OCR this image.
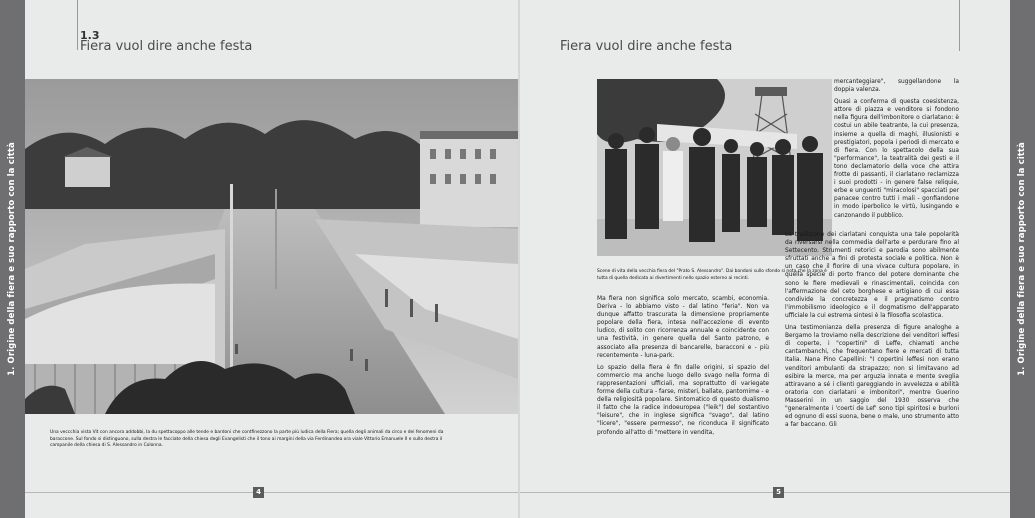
1. Origine della fiera e suo rapporto con la città	1. Origine della fiera e suo rapporto con la città
1.3
Fiera vuol dire anche festa
Una veccchia vista Vit con ancora addobbi, la du spettacoppo alle tende e bardoni che contfinezzono la parte più ludica della Fiera; quella degli animali da circo e dei fenomeni da baraccone. Sul fondo si distinguono, sulla destra le facciate della chiesa degli Evangelisti che il tono ai margini della via Ferdinandea ora viale Vittorio Emanuele II e sullo destra il campanile della chiesa di S. Alessandro in Colonna.
Fiera vuol dire anche festa
Scene di vita della vecchia fiera del "Prato S. Alessandro". Dai bandoni sullo sfondo si nota che la zona è tutta di quella dedicata ai divertimenti nello spazio esterno ai recinti.

Ma fiera non significa solo mercato, scambi, economia. Deriva - lo abbiamo visto - dal latino "feria". Non va dunque affatto trascurata la dimensione propriamente popolare della fiera, intesa nell'accezione di evento ludico, di solito con ricorrenza annuale e coincidente con una festività, in genere quella del Santo patrono, e associato alla presenza di bancarelle, baracconi e - più recentemente - luna-park.

Lo spazio della fiera è fin dalle origini, si spazio del commercio ma anche luogo dello svago nella forma di rappresentazioni ufficiali, ma soprattutto di variegate forme della cultura - farse, misteri, ballate, pantomime - e della religiosità popolare. Sintomatico di questo dualismo il fatto che la radice indoeuropea ("leik") del sostantivo "leisure", che in inglese significa "svago", dal latino "licere", "essere permesso", ne riconduca il significato profondo all'atto di "mettere in vendita,

mercanteggiare", suggellandone la doppia valenza.

Quasi a conferma di questa coesistenza, attore di piazza e venditore si fondono nella figura dell'imbonitore o ciarlatano: è costui un abile teatrante, la cui presenza, insieme a quella di maghi, illusionisti e prestigiatori, popola i periodi di mercato e di fiera. Con lo spettacolo della sua "performance", la teatralità dei gesti e il tono declamatorio della voce che attira frotte di passanti, il ciarlatano reclamizza i suoi prodotti - in genere false reliquie, erbe e unguenti "miracolosi" spacciati per panacee contro tutti i mali - gonfiandone in modo iperbolico le virtù, lusingando e canzonando il pubblico.

La tradizione dei ciarlatani conquista una tale popolarità da riversarsi nella commedia dell'arte e perdurare fino al Settecento. Strumenti retorici e parodia sono abilmente sfruttati anche a fini di protesta sociale e politica. Non è un caso che il fiorire di una vivace cultura popolare, in quella specie di porto franco del potere dominante che sono le fiere medievali e rinascimentali, coincida con l'affermazione del ceto borghese e artigiano di cui essa condivide la concretezza e il pragmatismo contro l'immobilismo ideologico e il dogmatismo dell'apparato ufficiale la cui estrema sintesi è la filosofia scolastica.

Una testimonianza della presenza di figure analoghe a Bergamo la troviamo nella descrizione dei venditori ieffesi di coperte, i "copertini" di Leffe, chiamati anche cantambanchi, che frequentano fiere e mercati di tutta Italia. Nana Pino Capellini: "I copertini leffesi non erano venditori ambulanti da strapazzo; non si limitavano ad esibire la merce, ma per arguzia innata e mente sveglia attiravano a sé i clienti gareggiando in avvelezza e abilità oratoria con ciarlatani e imbonitori", mentre Guerino Masserini in un saggio del 1930 osserva che "generalmente i 'coerti de Lef' sono tipi spiritosi e burloni ed ognuno di essi suona, bene o male, uno strumento atto a far baccano. Gli

4	5
